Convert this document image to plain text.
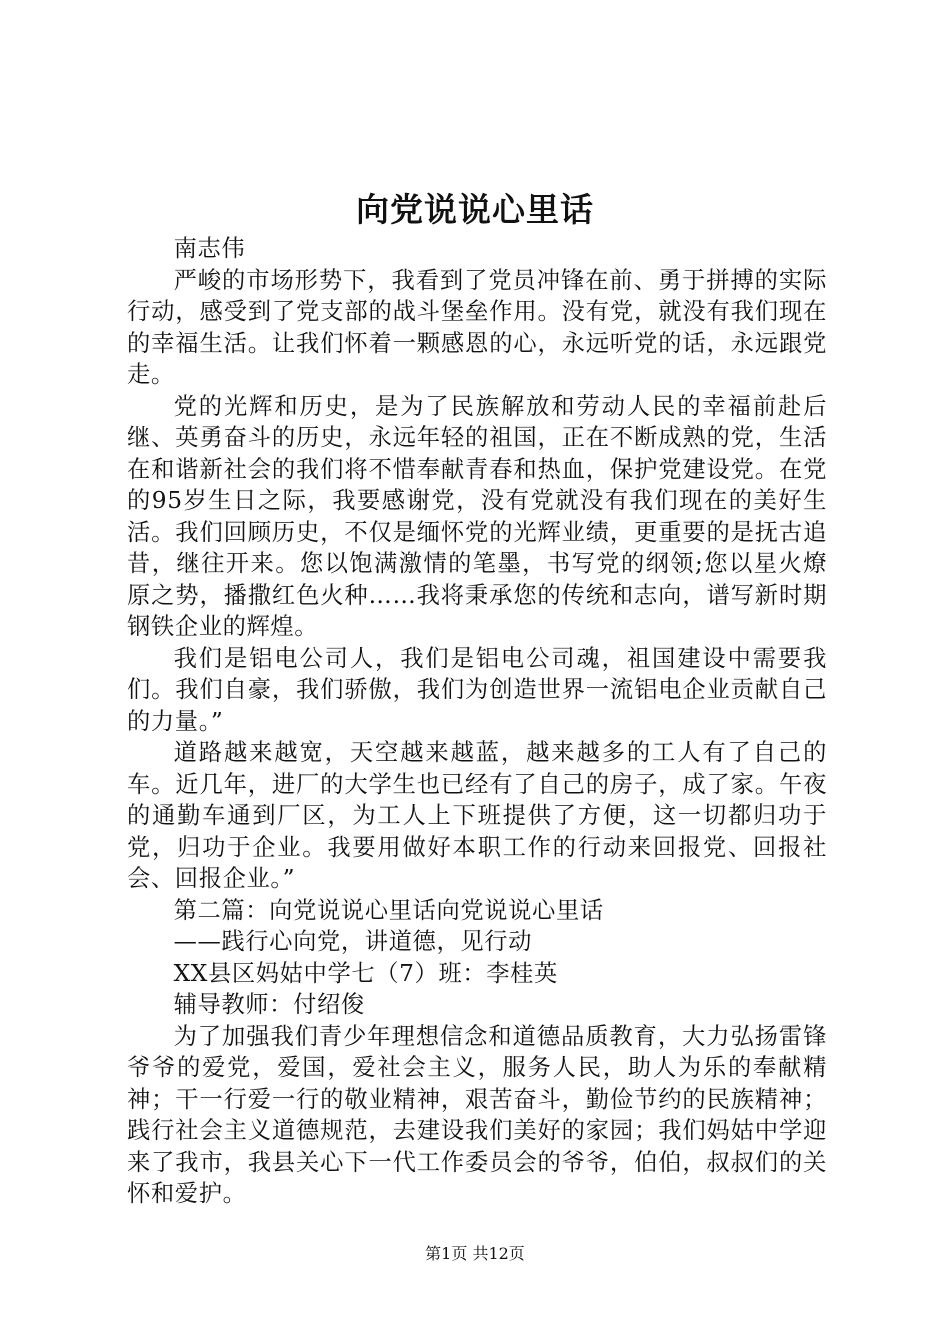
向党说说心里话

南志伟

严峻的市场形势下，我看到了党员冲锋在前、勇于拼搏的实际行动，感受到了党支部的战斗堡垒作用。没有党，就没有我们现在的幸福生活。让我们怀着一颗感恩的心，永远听党的话，永远跟党走。

党的光辉和历史，是为了民族解放和劳动人民的幸福前赴后继、英勇奋斗的历史，永远年轻的祖国，正在不断成熟的党，生活在和谐新社会的我们将不惜奉献青春和热血，保护党建设党。在党的95岁生日之际，我要感谢党，没有党就没有我们现在的美好生活。我们回顾历史，不仅是缅怀党的光辉业绩，更重要的是抚古追昔，继往开来。您以饱满激情的笔墨，书写党的纲领;您以星火燎原之势，播撒红色火种……我将秉承您的传统和志向，谱写新时期钢铁企业的辉煌。

我们是铝电公司人，我们是铝电公司魂，祖国建设中需要我们。我们自豪，我们骄傲，我们为创造世界一流铝电企业贡献自己的力量。”

道路越来越宽，天空越来越蓝，越来越多的工人有了自己的车。近几年，进厂的大学生也已经有了自己的房子，成了家。午夜的通勤车通到厂区，为工人上下班提供了方便，这一切都归功于党，归功于企业。我要用做好本职工作的行动来回报党、回报社会、回报企业。”

第二篇：向党说说心里话向党说说心里话

——践行心向党，讲道德，见行动

XX县区妈姑中学七（7）班：李桂英

辅导教师：付绍俊

为了加强我们青少年理想信念和道德品质教育，大力弘扬雷锋爷爷的爱党，爱国，爱社会主义，服务人民，助人为乐的奉献精神；干一行爱一行的敬业精神，艰苦奋斗，勤俭节约的民族精神；践行社会主义道德规范，去建设我们美好的家园；我们妈姑中学迎来了我市，我县关心下一代工作委员会的爷爷，伯伯，叔叔们的关怀和爱护。

第1页 共12页
